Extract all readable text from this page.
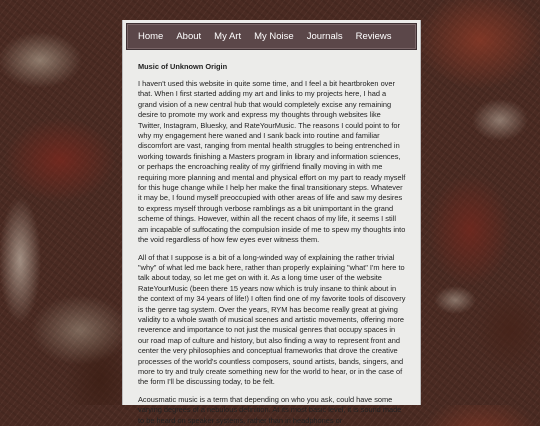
Home About My Art My Noise Journals Reviews
Music of Unknown Origin

I haven't used this website in quite some time, and I feel a bit heartbroken over that. When I first started adding my art and links to my projects here, I had a grand vision of a new central hub that would completely excise any remaining desire to promote my work and express my thoughts through websites like Twitter, Instagram, Bluesky, and RateYourMusic. The reasons I could point to for why my engagement here waned and I sank back into routine and familiar discomfort are vast, ranging from mental health struggles to being entrenched in working towards finishing a Masters program in library and information sciences, or perhaps the encroaching reality of my girlfriend finally moving in with me requiring more planning and mental and physical effort on my part to ready myself for this huge change while I help her make the final transitionary steps. Whatever it may be, I found myself preoccupied with other areas of life and saw my desires to express myself through verbose ramblings as a bit unimportant in the grand scheme of things. However, within all the recent chaos of my life, it seems I still am incapable of suffocating the compulsion inside of me to spew my thoughts into the void regardless of how few eyes ever witness them.

All of that I suppose is a bit of a long-winded way of explaining the rather trivial "why" of what led me back here, rather than properly explaining "what" I'm here to talk about today, so let me get on with it. As a long time user of the website RateYourMusic (been there 15 years now which is truly insane to think about in the context of my 34 years of life!) I often find one of my favorite tools of discovery is the genre tag system. Over the years, RYM has become really great at giving validity to a whole swath of musical scenes and artistic movements, offering more reverence and importance to not just the musical genres that occupy spaces in our road map of culture and history, but also finding a way to represent front and center the very philosophies and conceptual frameworks that drove the creative processes of the world's countless composers, sound artists, bands, singers, and more to try and truly create something new for the world to hear, or in the case of the form I'll be discussing today, to be felt.

Acousmatic music is a term that depending on who you ask, could have some varying degrees of a nebulous definition. At its most basic level, it is sound made to be heard on speaker systems, rather than in headphones or
